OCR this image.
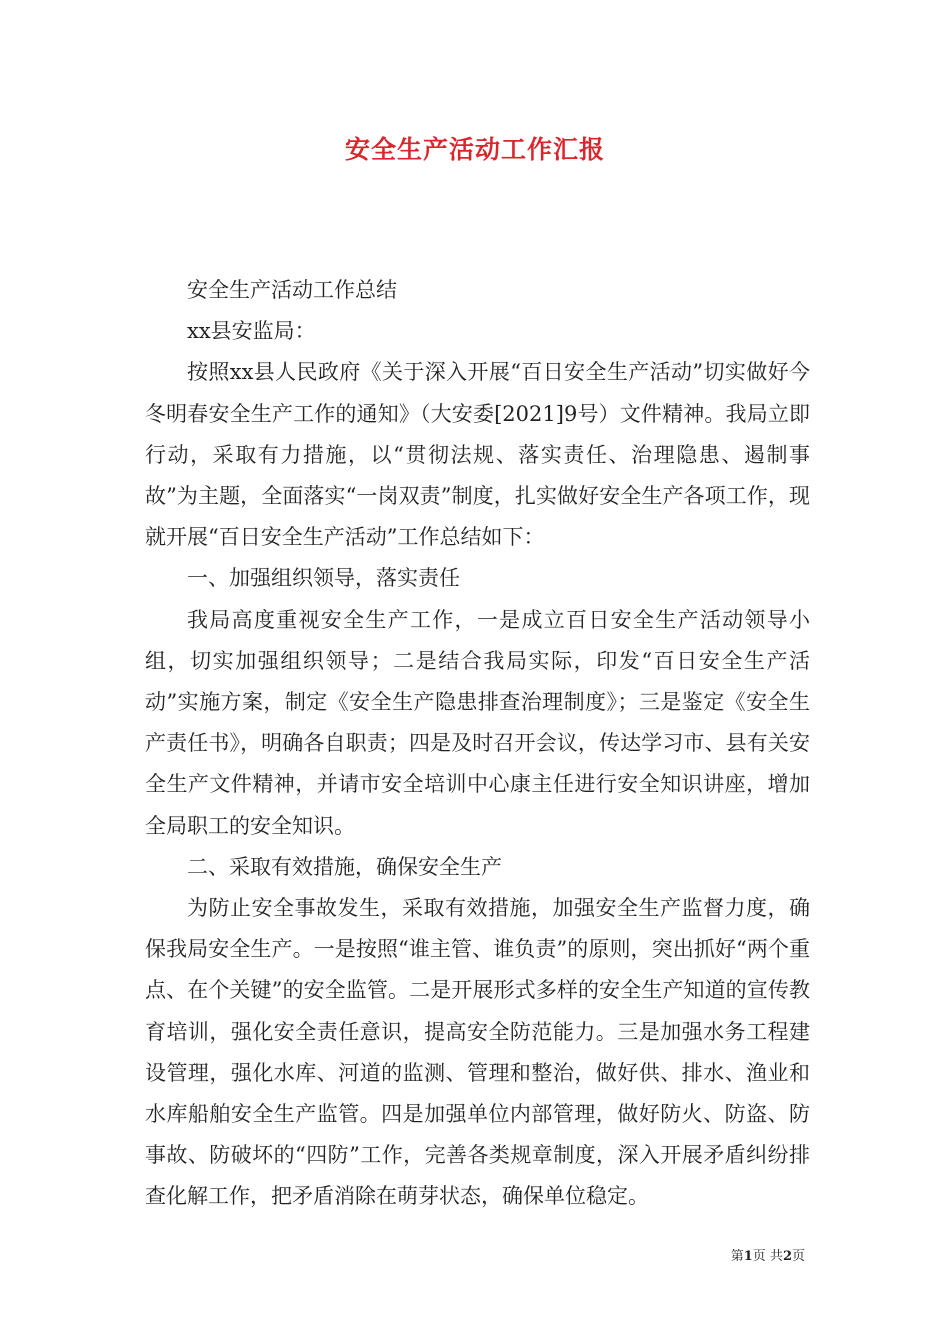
安全生产活动工作汇报

安全生产活动工作总结

xx县安监局：

按照xx县人民政府《关于深入开展“百日安全生产活动”切实做好今冬明春安全生产工作的通知》（大安委[2021]9号）文件精神。我局立即行动，采取有力措施，以“贯彻法规、落实责任、治理隐患、遏制事故”为主题，全面落实“一岗双责”制度，扎实做好安全生产各项工作，现就开展“百日安全生产活动”工作总结如下：

一、加强组织领导，落实责任

我局高度重视安全生产工作，一是成立百日安全生产活动领导小组，切实加强组织领导；二是结合我局实际，印发“百日安全生产活动”实施方案，制定《安全生产隐患排查治理制度》；三是鉴定《安全生产责任书》，明确各自职责；四是及时召开会议，传达学习市、县有关安全生产文件精神，并请市安全培训中心康主任进行安全知识讲座，增加全局职工的安全知识。

二、采取有效措施，确保安全生产

为防止安全事故发生，采取有效措施，加强安全生产监督力度，确保我局安全生产。一是按照“谁主管、谁负责”的原则，突出抓好“两个重点、在个关键”的安全监管。二是开展形式多样的安全生产知道的宣传教育培训，强化安全责任意识，提高安全防范能力。三是加强水务工程建设管理，强化水库、河道的监测、管理和整治，做好供、排水、渔业和水库船舶安全生产监管。四是加强单位内部管理，做好防火、防盗、防事故、防破坏的“四防”工作，完善各类规章制度，深入开展矛盾纠纷排查化解工作，把矛盾消除在萌芽状态，确保单位稳定。

第1页 共2页
